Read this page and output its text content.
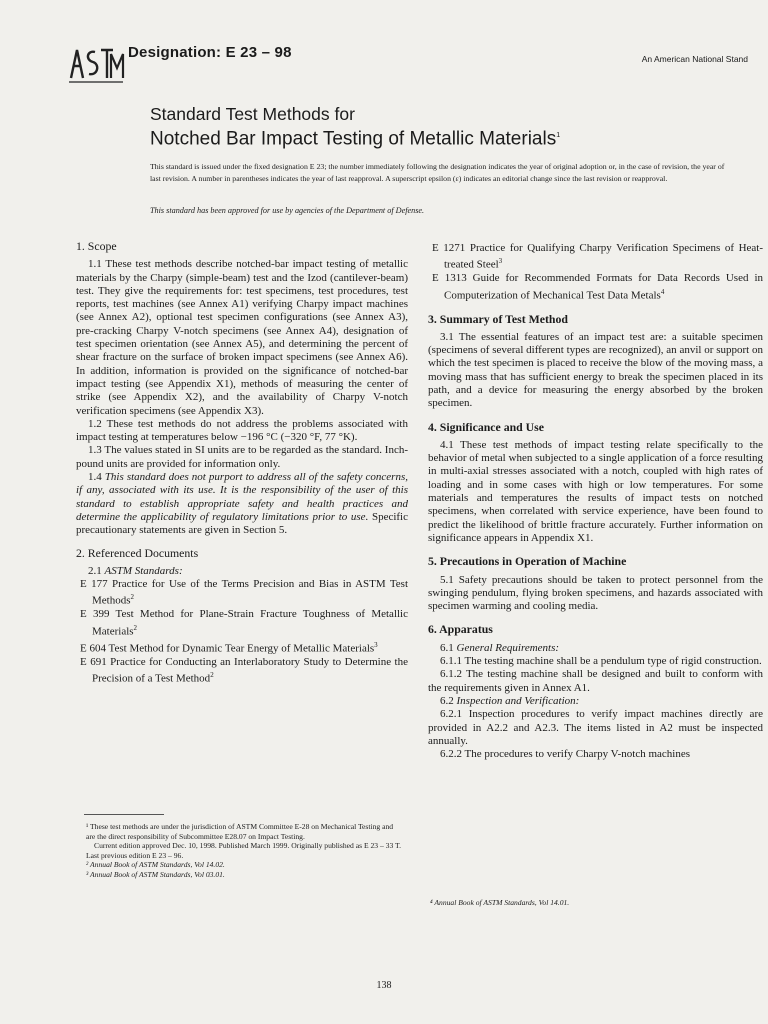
Designation: E 23 – 98	An American National Stand
Standard Test Methods for
Notched Bar Impact Testing of Metallic Materials$^1$
This standard is issued under the fixed designation E 23; the number immediately following the designation indicates the year of original adoption or, in the case of revision, the year of last revision. A number in parentheses indicates the year of last reapproval. A superscript epsilon (ε) indicates an editorial change since the last revision or reapproval.
This standard has been approved for use by agencies of the Department of Defense.
1. Scope

1.1 These test methods describe notched-bar impact testing of metallic materials by the Charpy (simple-beam) test and the Izod (cantilever-beam) test. They give the requirements for: test specimens, test procedures, test reports, test machines (see Annex A1) verifying Charpy impact machines (see Annex A2), optional test specimen configurations (see Annex A3), pre-cracking Charpy V-notch specimens (see Annex A4), designation of test specimen orientation (see Annex A5), and determining the percent of shear fracture on the surface of broken impact specimens (see Annex A6). In addition, information is provided on the significance of notched-bar impact testing (see Appendix X1), methods of measuring the center of strike (see Appendix X2), and the availability of Charpy V-notch verification specimens (see Appendix X3).

1.2 These test methods do not address the problems associated with impact testing at temperatures below −196 °C (−320 °F, 77 °K).

1.3 The values stated in SI units are to be regarded as the standard. Inch-pound units are provided for information only.

1.4 This standard does not purport to address all of the safety concerns, if any, associated with its use. It is the responsibility of the user of this standard to establish appropriate safety and health practices and determine the applicability of regulatory limitations prior to use. Specific precautionary statements are given in Section 5.

2. Referenced Documents

2.1 ASTM Standards:

E 177 Practice for Use of the Terms Precision and Bias in ASTM Test Methods$^2$

E 399 Test Method for Plane-Strain Fracture Toughness of Metallic Materials$^2$

E 604 Test Method for Dynamic Tear Energy of Metallic Materials$^3$

E 691 Practice for Conducting an Interlaboratory Study to Determine the Precision of a Test Method$^2$

E 1271 Practice for Qualifying Charpy Verification Specimens of Heat-treated Steel$^3$

E 1313 Guide for Recommended Formats for Data Records Used in Computerization of Mechanical Test Data Metals$^4$

3. Summary of Test Method

3.1 The essential features of an impact test are: a suitable specimen (specimens of several different types are recognized), an anvil or support on which the test specimen is placed to receive the blow of the moving mass, a moving mass that has sufficient energy to break the specimen placed in its path, and a device for measuring the energy absorbed by the broken specimen.

4. Significance and Use

4.1 These test methods of impact testing relate specifically to the behavior of metal when subjected to a single application of a force resulting in multi-axial stresses associated with a notch, coupled with high rates of loading and in some cases with high or low temperatures. For some materials and temperatures the results of impact tests on notched specimens, when correlated with service experience, have been found to predict the likelihood of brittle fracture accurately. Further information on significance appears in Appendix X1.

5. Precautions in Operation of Machine

5.1 Safety precautions should be taken to protect personnel from the swinging pendulum, flying broken specimens, and hazards associated with specimen warming and cooling media.

6. Apparatus

6.1 General Requirements:

6.1.1 The testing machine shall be a pendulum type of rigid construction.

6.1.2 The testing machine shall be designed and built to conform with the requirements given in Annex A1.

6.2 Inspection and Verification:

6.2.1 Inspection procedures to verify impact machines directly are provided in A2.2 and A2.3. The items listed in A2 must be inspected annually.

6.2.2 The procedures to verify Charpy V-notch machines

¹ These test methods are under the jurisdiction of ASTM Committee E-28 on Mechanical Testing and are the direct responsibility of Subcommittee E28.07 on Impact Testing.
Current edition approved Dec. 10, 1998. Published March 1999. Originally published as E 23 – 33 T. Last previous edition E 23 – 96.
² Annual Book of ASTM Standards, Vol 14.02.
³ Annual Book of ASTM Standards, Vol 03.01.
⁴ Annual Book of ASTM Standards, Vol 14.01.
138
